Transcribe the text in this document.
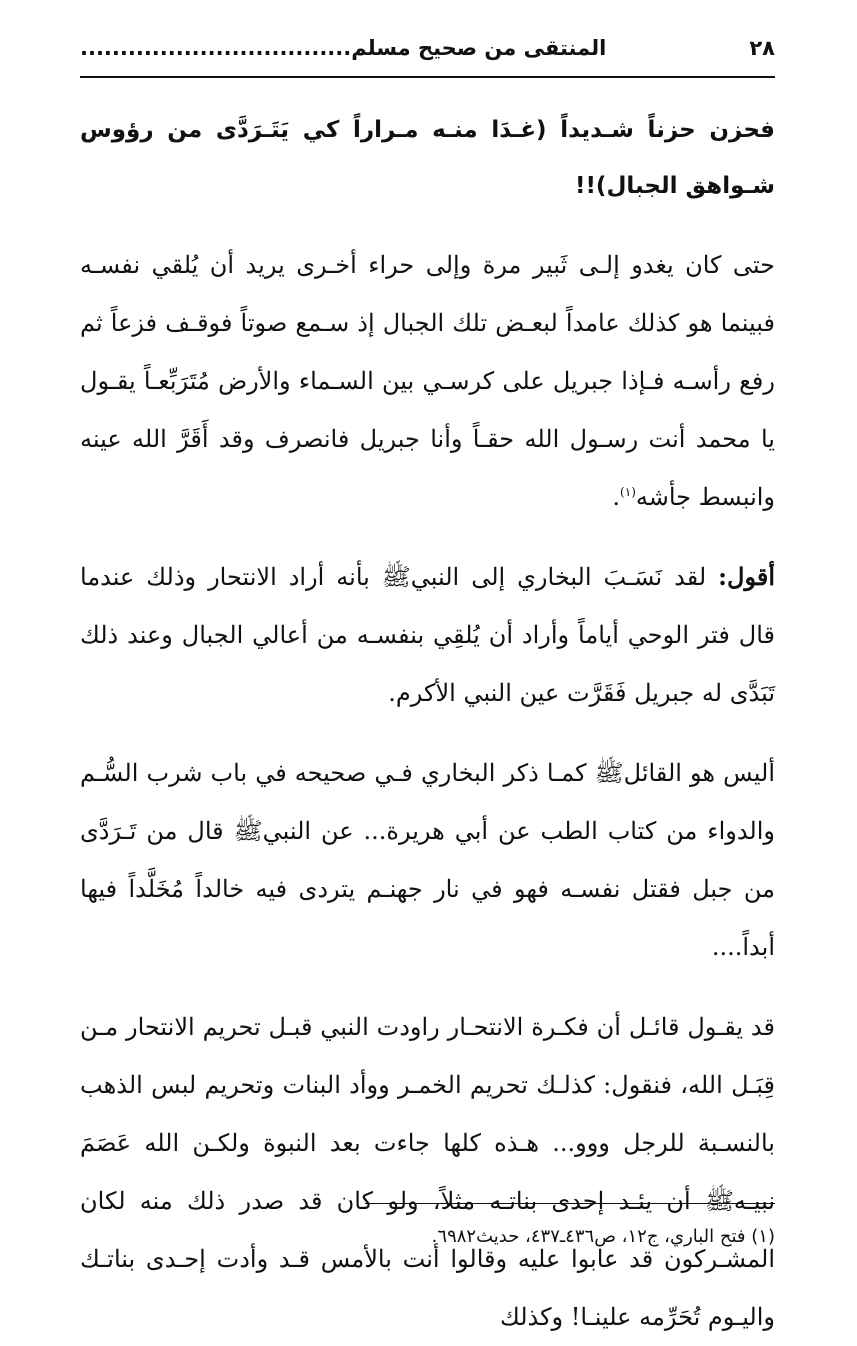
٢٨
المنتقى من صحيح مسلم..................................

فحزن حزناً شـديداً (غـدَا منـه مـراراً كي يَتَـرَدَّى من رؤوس شـواهق الجبال)!!

حتى كان يغدو إلـى ثَبير مرة وإلى حراء أخـرى يريد أن يُلقي نفسـه فبينما هو كذلك عامداً لبعـض تلك الجبال إذ سـمع صوتاً فوقـف فزعاً ثم رفع رأسـه فـإذا جبريل على كرسـي بين السـماء والأرض مُتَرَبِّعـاً يقـول يا محمد أنت رسـول الله حقـاً وأنا جبريل فانصرف وقد أَقَرَّ الله عينه وانبسط جأشه$^{(١)}$.

أقول: لقد نَسَـبَ البخاري إلى النبيﷺ بأنه أراد الانتحار وذلك عندما قال فتر الوحي أياماً وأراد أن يُلقِي بنفسـه من أعالي الجبال وعند ذلك تَبَدَّى له جبريل فَقَرَّت عين النبي الأكرم.

أليس هو القائلﷺ كمـا ذكر البخاري فـي صحيحه في باب شرب السُّـم والدواء من كتاب الطب عن أبي هريرة... عن النبيﷺ قال من تَـرَدَّى من جبل فقتل نفسـه فهو في نار جهنـم يتردى فيه خالداً مُخَلَّداً فيها أبداً....

قد يقـول قائـل أن فكـرة الانتحـار راودت النبي قبـل تحريم الانتحار مـن قِبَـل الله، فنقول: كذلـك تحريم الخمـر ووأد البنات وتحريم لبس الذهب بالنسـبة للرجل ووو... هـذه كلها جاءت بعد النبوة ولكـن الله عَصَمَ نبيـهﷺ أن يئـد إحدى بناتـه مثلاً، ولو كان قد صدر ذلك منه لكان المشـركون قد عابوا عليه وقالوا أنت بالأمس قـد وأدت إحـدى بناتـك واليـوم تُحَرِّمه علينـا! وكذلك

(١) فتح الباري، ج١٢، ص٤٣٦ـ٤٣٧، حديث٦٩٨٢.
